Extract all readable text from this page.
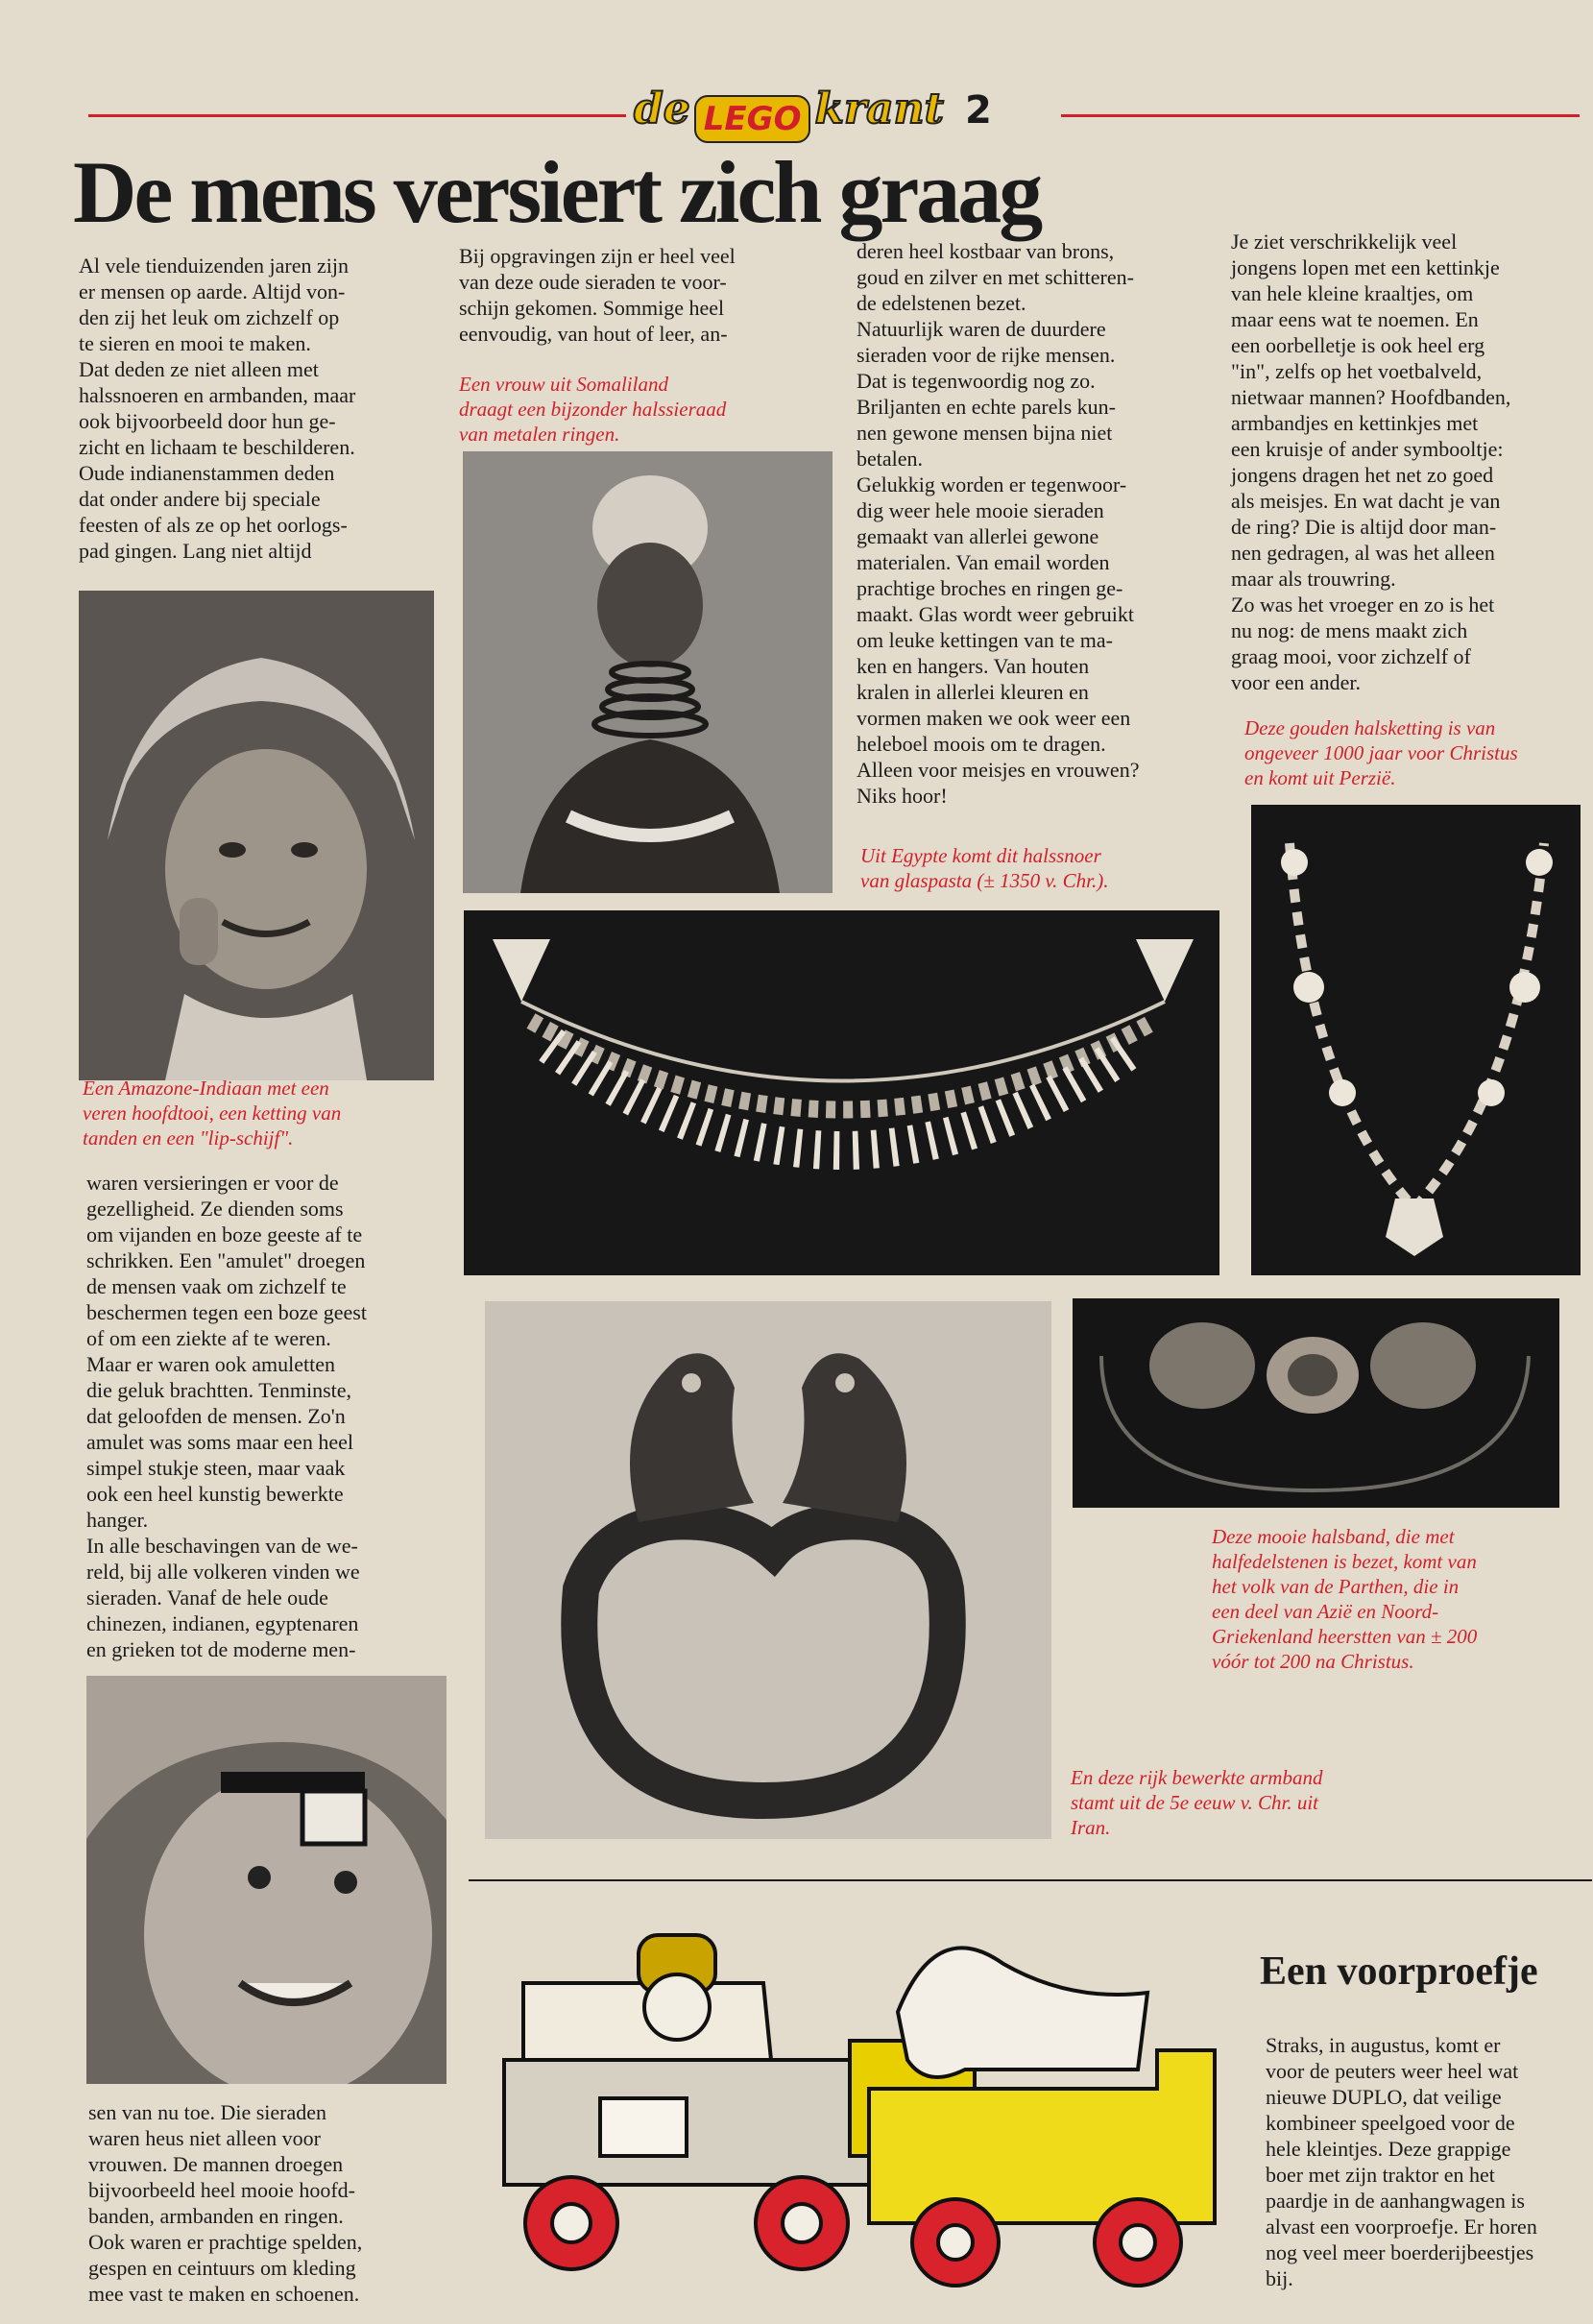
de LEGO krant 2
De mens versiert zich graag
Al vele tienduizenden jaren zijn
er mensen op aarde. Altijd von-
den zij het leuk om zichzelf op
te sieren en mooi te maken.
Dat deden ze niet alleen met
halssnoeren en armbanden, maar
ook bijvoorbeeld door hun ge-
zicht en lichaam te beschilderen.
Oude indianenstammen deden
dat onder andere bij speciale
feesten of als ze op het oorlogs-
pad gingen. Lang niet altijd
Een Amazone-Indiaan met een
veren hoofdtooi, een ketting van
tanden en een "lip-schijf".
waren versieringen er voor de
gezelligheid. Ze dienden soms
om vijanden en boze geeste af te
schrikken. Een "amulet" droegen
de mensen vaak om zichzelf te
beschermen tegen een boze geest
of om een ziekte af te weren.
Maar er waren ook amuletten
die geluk brachtten. Tenminste,
dat geloofden de mensen. Zo'n
amulet was soms maar een heel
simpel stukje steen, maar vaak
ook een heel kunstig bewerkte
hanger.
In alle beschavingen van de we-
reld, bij alle volkeren vinden we
sieraden. Vanaf de hele oude
chinezen, indianen, egyptenaren
en grieken tot de moderne men-
sen van nu toe. Die sieraden
waren heus niet alleen voor
vrouwen. De mannen droegen
bijvoorbeeld heel mooie hoofd-
banden, armbanden en ringen.
Ook waren er prachtige spelden,
gespen en ceintuurs om kleding
mee vast te maken en schoenen.
Bij opgravingen zijn er heel veel
van deze oude sieraden te voor-
schijn gekomen. Sommige heel
eenvoudig, van hout of leer, an-
Een vrouw uit Somaliland
draagt een bijzonder halssieraad
van metalen ringen.
deren heel kostbaar van brons,
goud en zilver en met schitteren-
de edelstenen bezet.
Natuurlijk waren de duurdere
sieraden voor de rijke mensen.
Dat is tegenwoordig nog zo.
Briljanten en echte parels kun-
nen gewone mensen bijna niet
betalen.
Gelukkig worden er tegenwoor-
dig weer hele mooie sieraden
gemaakt van allerlei gewone
materialen. Van email worden
prachtige broches en ringen ge-
maakt. Glas wordt weer gebruikt
om leuke kettingen van te ma-
ken en hangers. Van houten
kralen in allerlei kleuren en
vormen maken we ook weer een
heleboel moois om te dragen.
Alleen voor meisjes en vrouwen?
Niks hoor!
Uit Egypte komt dit halssnoer
van glaspasta (± 1350 v. Chr.).
Je ziet verschrikkelijk veel
jongens lopen met een kettinkje
van hele kleine kraaltjes, om
maar eens wat te noemen. En
een oorbelletje is ook heel erg
"in", zelfs op het voetbalveld,
nietwaar mannen? Hoofdbanden,
armbandjes en kettinkjes met
een kruisje of ander symbooltje:
jongens dragen het net zo goed
als meisjes. En wat dacht je van
de ring? Die is altijd door man-
nen gedragen, al was het alleen
maar als trouwring.
Zo was het vroeger en zo is het
nu nog: de mens maakt zich
graag mooi, voor zichzelf of
voor een ander.
Deze gouden halsketting is van
ongeveer 1000 jaar voor Christus
en komt uit Perzië.
En deze rijk bewerkte armband
stamt uit de 5e eeuw v. Chr. uit
Iran.
Deze mooie halsband, die met
halfedelstenen is bezet, komt van
het volk van de Parthen, die in
een deel van Azië en Noord-
Griekenland heerstten van ± 200
vóór tot 200 na Christus.
Een voorproefje
Straks, in augustus, komt er
voor de peuters weer heel wat
nieuwe DUPLO, dat veilige
kombineer speelgoed voor de
hele kleintjes. Deze grappige
boer met zijn traktor en het
paardje in de aanhangwagen is
alvast een voorproefje. Er horen
nog veel meer boerderijbeestjes
bij.
